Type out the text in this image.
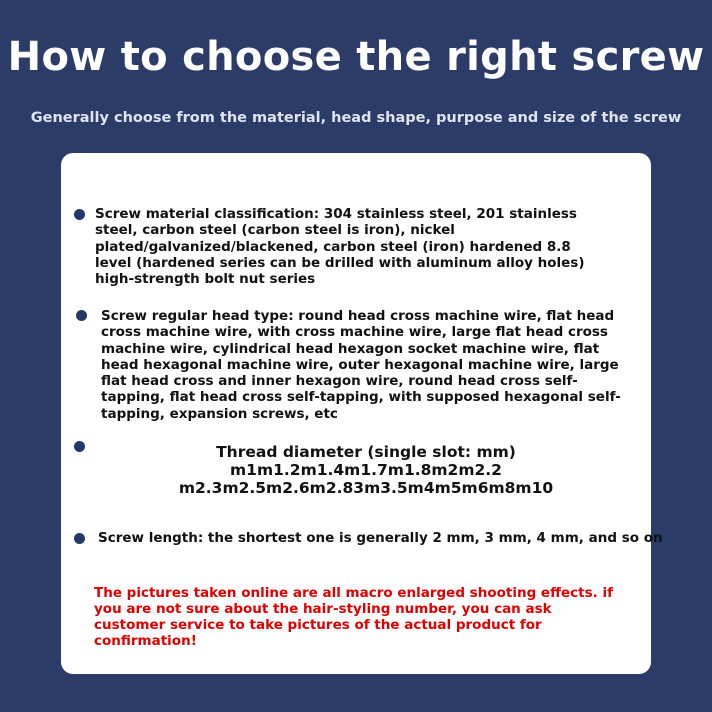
How to choose the right screw
Generally choose from the material, head shape, purpose and size of the screw
Screw material classification: 304 stainless steel, 201 stainless steel, carbon steel (carbon steel is iron), nickel plated/galvanized/blackened, carbon steel (iron) hardened 8.8 level (hardened series can be drilled with aluminum alloy holes) high-strength bolt nut series
Screw regular head type: round head cross machine wire, flat head cross machine wire, with cross machine wire, large flat head cross machine wire, cylindrical head hexagon socket machine wire, flat head hexagonal machine wire, outer hexagonal machine wire, large flat head cross and inner hexagon wire, round head cross self-tapping, flat head cross self-tapping, with supposed hexagonal self-tapping, expansion screws, etc
Thread diameter (single slot: mm) m1m1.2m1.4m1.7m1.8m2m2.2
m2.3m2.5m2.6m2.83m3.5m4m5m6m8m10
Screw length: the shortest one is generally 2 mm, 3 mm, 4 mm, and so on
The pictures taken online are all macro enlarged shooting effects. if you are not sure about the hair-styling number, you can ask customer service to take pictures of the actual product for confirmation!
